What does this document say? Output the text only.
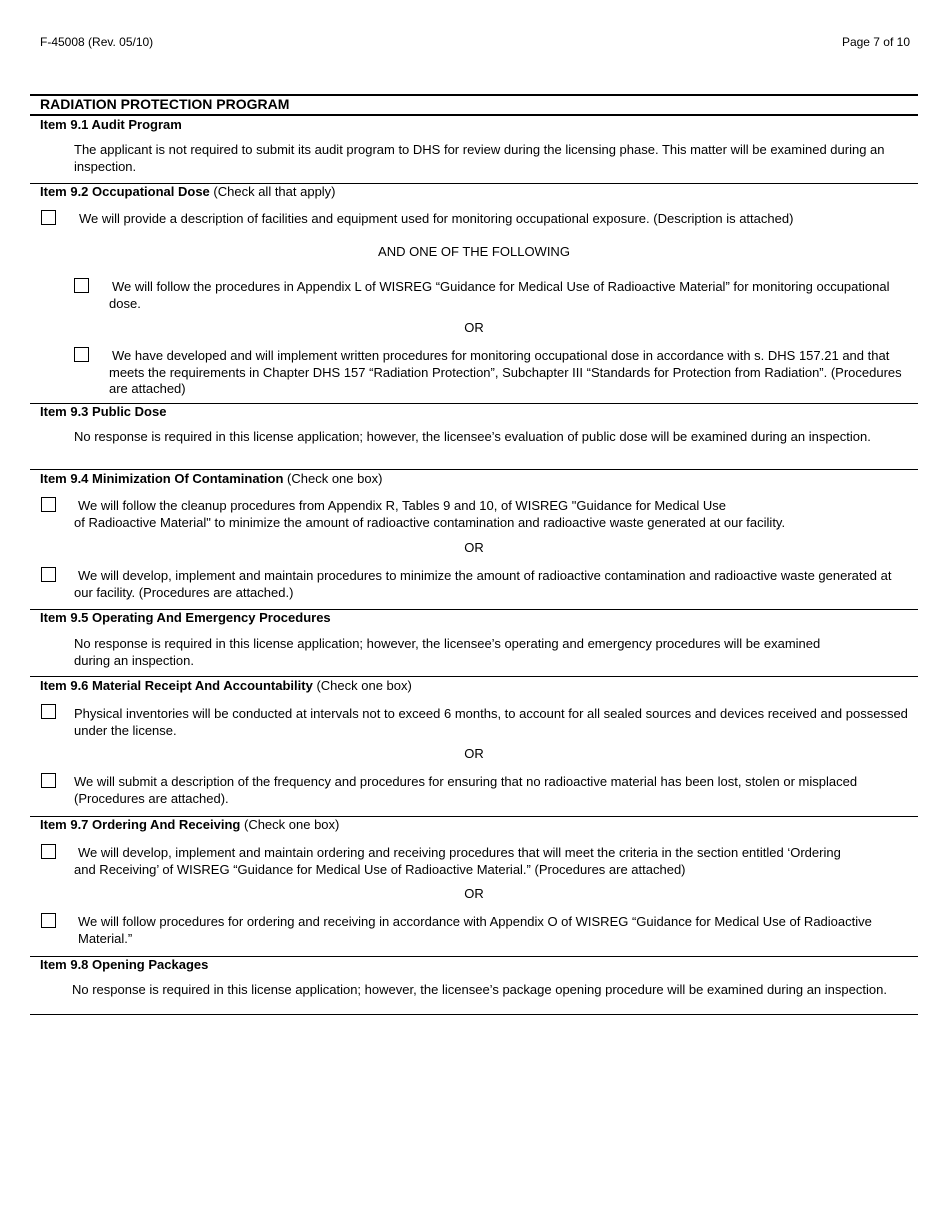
F-45008 (Rev. 05/10)	Page 7 of 10
RADIATION PROTECTION PROGRAM
Item 9.1 Audit Program
The applicant is not required to submit its audit program to DHS for review during the licensing phase. This matter will be examined during an inspection.
Item 9.2 Occupational Dose (Check all that apply)
We will provide a description of facilities and equipment used for monitoring occupational exposure. (Description is attached)
AND ONE OF THE FOLLOWING
We will follow the procedures in Appendix L of WISREG “Guidance for Medical Use of Radioactive Material” for monitoring occupational dose.
OR
We have developed and will implement written procedures for monitoring occupational dose in accordance with s. DHS 157.21 and that meets the requirements in Chapter DHS 157 “Radiation Protection”, Subchapter III “Standards for Protection from Radiation”. (Procedures are attached)
Item 9.3 Public Dose
No response is required in this license application; however, the licensee’s evaluation of public dose will be examined during an inspection.
Item 9.4 Minimization Of Contamination (Check one box)
We will follow the cleanup procedures from Appendix R, Tables 9 and 10, of WISREG "Guidance for Medical Use
of Radioactive Material" to minimize the amount of radioactive contamination and radioactive waste generated at our facility.
OR
We will develop, implement and maintain procedures to minimize the amount of radioactive contamination and radioactive waste generated at our facility. (Procedures are attached.)
Item 9.5 Operating And Emergency Procedures
No response is required in this license application; however, the licensee’s operating and emergency procedures will be examined during an inspection.
Item 9.6 Material Receipt And Accountability (Check one box)
Physical inventories will be conducted at intervals not to exceed 6 months, to account for all sealed sources and devices received and possessed under the license.
OR
We will submit a description of the frequency and procedures for ensuring that no radioactive material has been lost, stolen or misplaced (Procedures are attached).
Item 9.7 Ordering And Receiving (Check one box)
We will develop, implement and maintain ordering and receiving procedures that will meet the criteria in the section entitled ‘Ordering and Receiving’ of WISREG “Guidance for Medical Use of Radioactive Material.” (Procedures are attached)
OR
We will follow procedures for ordering and receiving in accordance with Appendix O of WISREG “Guidance for Medical Use of Radioactive Material.”
Item 9.8 Opening Packages
No response is required in this license application; however, the licensee’s package opening procedure will be examined during an inspection.
